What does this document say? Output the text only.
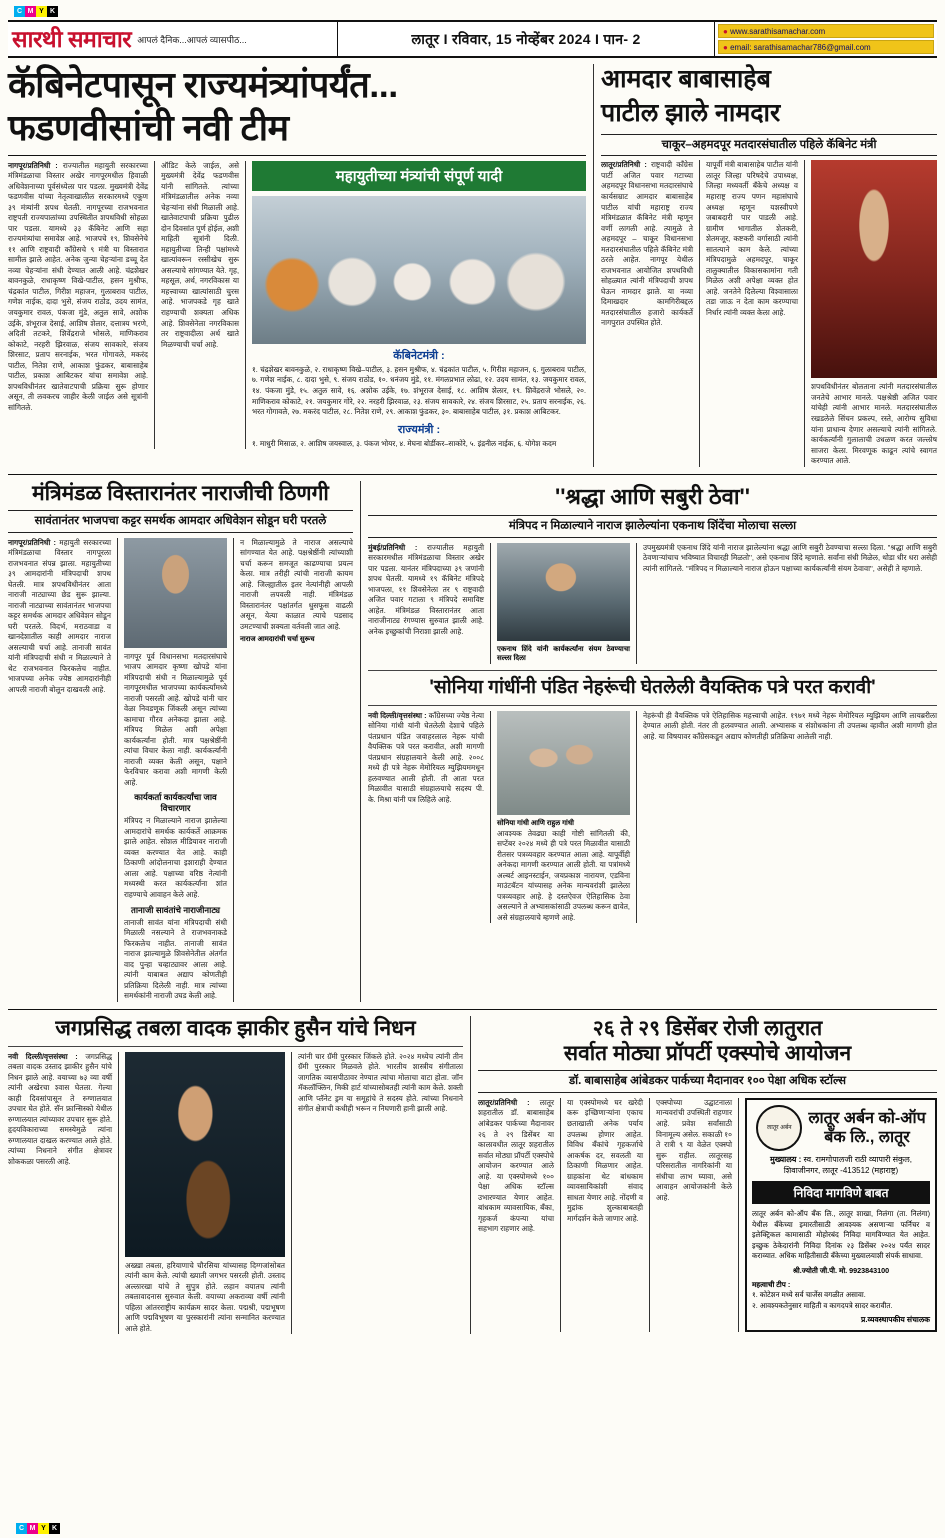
C M Y K
सारथी समाचार आपलं दैनिक...आपलं व्यासपीठ...	लातूर I रविवार, 15 नोव्हेंबर 2024 I पान- 2	● www.sarathisamachar.com
● email: sarathisamachar786@gmail.com
कॅबिनेटपासून राज्यमंत्र्यांपर्यंत...
फडणवीसांची नवी टीम
नागपूर/प्रतिनिधी : राज्यातील महायुती सरकारच्या मंत्रिमंडळाचा विस्तार अखेर नागपूरमधील हिवाळी अधिवेशनाच्या पूर्वसंध्येला पार पडला. मुख्यमंत्री देवेंद्र फडणवीस यांच्या नेतृत्वाखालील सरकारमध्ये एकूण ३९ मंत्र्यांनी शपथ घेतली. नागपूरच्या राजभवनात राष्ट्रपती राज्यपालांच्या उपस्थितीत शपथविधी सोहळा पार पडला. यामध्ये ३३ कॅबिनेट आणि सहा राज्यमंत्र्यांचा समावेश आहे. भाजपचे १९, शिवसेनेचे ११ आणि राष्ट्रवादी काँग्रेसचे ९ मंत्री या विस्तारात सामील झाले आहेत. अनेक जुन्या चेहऱ्यांना डच्चू देत नव्या चेहऱ्यांना संधी देण्यात आली आहे. चंद्रशेखर बावनकुळे, राधाकृष्ण विखे-पाटील, हसन मुश्रीफ, चंद्रकांत पाटील, गिरीश महाजन, गुलाबराव पाटील, गणेश नाईक, दादा भुसे, संजय राठोड, उदय सामंत, जयकुमार रावल, पंकजा मुंडे, अतुल सावे, अशोक उईके, शंभूराज देसाई, आशिष शेलार, दत्तात्रय भरणे, अदिती तटकरे, शिवेंद्रराजे भोसले, माणिकराव कोकाटे, नरहरी झिरवाळ, संजय सावकारे, संजय शिरसाट, प्रताप सरनाईक, भरत गोगावले, मकरंद पाटील, नितेश राणे, आकाश फुंडकर, बाबासाहेब पाटील, प्रकाश आबिटकर यांचा समावेश आहे. शपथविधीनंतर खातेवाटपाची प्रक्रिया सुरू होणार असून, ती लवकरच जाहीर केली जाईल असे सूत्रांनी सांगितले.
ऑडिट केले जाईल, असे मुख्यमंत्री देवेंद्र फडणवीस यांनी सांगितले. त्यांच्या मंत्रिमंडळातील अनेक नव्या चेहऱ्यांना संधी मिळाली आहे. खातेवाटपाची प्रक्रिया पुढील दोन दिवसांत पूर्ण होईल, अशी माहिती सूत्रांनी दिली. महायुतीच्या तिन्ही पक्षांमध्ये खात्यांवरून रस्सीखेच सुरू असल्याचे सांगण्यात येते. गृह, महसूल, अर्थ, नगरविकास या महत्त्वाच्या खात्यांसाठी चुरस आहे. भाजपकडे गृह खाते राहण्याची शक्यता अधिक आहे. शिवसेनेला नगरविकास तर राष्ट्रवादीला अर्थ खाते मिळण्याची चर्चा आहे.
महायुतीच्या मंत्र्यांची संपूर्ण यादी
कॅबिनेटमंत्री :
१. चंद्रशेखर बावनकुळे, २. राधाकृष्ण विखे–पाटील, ३. हसन मुश्रीफ, ४. चंद्रकांत पाटील, ५. गिरीश महाजन, ६. गुलाबराव पाटील, ७. गणेश नाईक, ८. दादा भुसे, ९. संजय राठोड, १०. धनंजय मुंडे, ११. मंगलप्रभात लोढा, १२. उदय सामंत, १३. जयकुमार रावल, १४. पंकजा मुंडे, १५. अतुल सावे, १६. अशोक उईके, १७. शंभूराज देसाई, १८. आशिष शेलार, १९. शिवेंद्रराजे भोसले, २०. माणिकराव कोकाटे, २१. जयकुमार गोरे, २२. नरहरी झिरवाळ, २३. संजय सावकारे, २४. संजय शिरसाट, २५. प्रताप सरनाईक, २६. भरत गोगावले, २७. मकरंद पाटील, २८. नितेश राणे, २९. आकाश फुंडकर, ३०. बाबासाहेब पाटील, ३१. प्रकाश आबिटकर.
राज्यमंत्री :
१. माधुरी मिसाळ, २. आशिष जयस्वाल, ३. पंकज भोयर, ४. मेघना बोर्डीकर–साकोरे, ५. इंद्रनील नाईक, ६. योगेश कदम
आमदार बाबासाहेब
पाटील झाले नामदार
चाकूर–अहमदपूर मतदारसंघातील पहिले कॅबिनेट मंत्री
लातूर/प्रतिनिधी : राष्ट्रवादी काँग्रेस पार्टी अजित पवार गटाच्या अहमदपूर विधानसभा मतदारसंघाचे कार्यसम्राट आमदार बाबासाहेब पाटील यांची महाराष्ट्र राज्य मंत्रिमंडळात कॅबिनेट मंत्री म्हणून वर्णी लागली आहे. त्यामुळे ते अहमदपूर – चाकूर विधानसभा मतदारसंघातील पहिले कॅबिनेट मंत्री ठरले आहेत. नागपूर येथील राजभवनात आयोजित शपथविधी सोहळ्यात त्यांनी मंत्रिपदाची शपथ घेऊन नामदार झाले. या नव्या दिमाखदार कामगिरीबद्दल मतदारसंघातील हजारो कार्यकर्ते नागपुरात उपस्थित होते.
यापूर्वी मंत्री बाबासाहेब पाटील यांनी लातूर जिल्हा परिषदेचे उपाध्यक्ष, जिल्हा मध्यवर्ती बँकेचे अध्यक्ष व महाराष्ट्र राज्य पणन महासंघाचे अध्यक्ष म्हणून यशस्वीपणे जबाबदारी पार पाडली आहे. ग्रामीण भागातील शेतकरी, शेतमजूर, कष्टकरी वर्गासाठी त्यांनी सातत्याने काम केले. त्यांच्या मंत्रिपदामुळे अहमदपूर, चाकूर तालुक्यातील विकासकामांना गती मिळेल अशी अपेक्षा व्यक्त होत आहे. जनतेने दिलेल्या विश्वासाला तडा जाऊ न देता काम करण्याचा निर्धार त्यांनी व्यक्त केला आहे.
शपथविधीनंतर बोलताना त्यांनी मतदारसंघातील जनतेचे आभार मानले. पक्षश्रेष्ठी अजित पवार यांचेही त्यांनी आभार मानले. मतदारसंघातील रखडलेले सिंचन प्रकल्प, रस्ते, आरोग्य सुविधा यांना प्राधान्य देणार असल्याचे त्यांनी सांगितले. कार्यकर्त्यांनी गुलालाची उधळण करत जल्लोष साजरा केला. मिरवणूक काढून त्यांचे स्वागत करण्यात आले.
मंत्रिमंडळ विस्तारानंतर नाराजीची ठिणगी
सावंतानंतर भाजपचा कट्टर समर्थक आमदार अधिवेशन सोडून घरी परतले
नागपूर/प्रतिनिधी : महायुती सरकारच्या मंत्रिमंडळाचा विस्तार नागपूरला राजभवनात संपन्न झाला. महायुतीच्या ३९ आमदारांनी मंत्रिपदाची शपथ घेतली. मात्र शपथविधीनंतर आता नाराजी नाट्याच्या छेड सुरू झाल्या. नाराजी नाट्याच्या सावंतानंतर भाजपचा कट्टर समर्थक आमदार अधिवेशन सोडून घरी परतले. विदर्भ, मराठवाडा व खानदेशातील काही आमदार नाराज असल्याची चर्चा आहे. तानाजी सावंत यांनी मंत्रिपदाची संधी न मिळाल्याने ते थेट राजभवनात फिरकलेच नाहीत. भाजपच्या अनेक ज्येष्ठ आमदारांनीही आपली नाराजी बोलून दाखवली आहे.
नागपूर पूर्व विधानसभा मतदारसंघाचे भाजप आमदार कृष्णा खोपडे यांना मंत्रिपदाची संधी न मिळाल्यामुळे पूर्व नागपूरमधील भाजपच्या कार्यकर्त्यांमध्ये नाराजी पसरली आहे. खोपडे यांनी चार वेळा निवडणूक जिंकली असून त्यांच्या कामाचा गौरव अनेकदा झाला आहे. मंत्रिपद मिळेल अशी अपेक्षा कार्यकर्त्यांना होती. मात्र पक्षश्रेष्ठींनी त्यांचा विचार केला नाही. कार्यकर्त्यांनी नाराजी व्यक्त केली असून, पक्षाने फेरविचार करावा अशी मागणी केली आहे.
कार्यकर्ता कार्यकर्त्यांचा जाव विचारणार
मंत्रिपद न मिळाल्याने नाराज झालेल्या आमदारांचे समर्थक कार्यकर्ते आक्रमक झाले आहेत. सोशल मीडियावर नाराजी व्यक्त करण्यात येत आहे. काही ठिकाणी आंदोलनाचा इशाराही देण्यात आला आहे. पक्षाच्या वरिष्ठ नेत्यांनी मध्यस्थी करत कार्यकर्त्यांना शांत राहण्याचे आवाहन केले आहे.
तानाजी सावंतांचे नाराजीनाट्य
तानाजी सावंत यांना मंत्रिपदाची संधी मिळाली नसल्याने ते राजभवनाकडे फिरकलेच नाहीत. तानाजी सावंत नाराज झाल्यामुळे शिवसेनेतील अंतर्गत वाद पुन्हा चव्हाट्यावर आला आहे. त्यांनी याबाबत अद्याप कोणतीही प्रतिक्रिया दिलेली नाही. मात्र त्यांच्या समर्थकांनी नाराजी उघड केली आहे.
न मिळाल्यामुळे ते नाराज असल्याचे सांगण्यात येत आहे. पक्षश्रेष्ठींनी त्यांच्याशी चर्चा करून समजूत काढण्याचा प्रयत्न केला. मात्र तरीही त्यांची नाराजी कायम आहे. जिल्ह्यातील इतर नेत्यांनीही आपली नाराजी लपवली नाही. मंत्रिमंडळ विस्तारानंतर पक्षांतर्गत धुसफूस वाढली असून, येत्या काळात त्याचे पडसाद उमटण्याची शक्यता वर्तवली जात आहे.
नाराज आमदारांची चर्चा सुरूच
''श्रद्धा आणि सबुरी ठेवा''
मंत्रिपद न मिळाल्याने नाराज झालेल्यांना एकनाथ शिंदेंचा मोलाचा सल्ला
मुंबई/प्रतिनिधी : राज्यातील महायुती सरकारमधील मंत्रिमंडळाचा विस्तार अखेर पार पडला. यानंतर मंत्रिपदाच्या ३९ जणांनी शपथ घेतली. यामध्ये १९ कॅबिनेट मंत्रिपदे भाजपला, ११ शिवसेनेला तर ९ राष्ट्रवादी अजित पवार गटाला ९ मंत्रिपदे समाविष्ट आहेत. मंत्रिमंडळ विस्तारानंतर आता नाराजीनाट्य रंगण्यास सुरुवात झाली आहे. अनेक इच्छुकांची निराशा झाली आहे.
एकनाथ शिंदे यांनी कार्यकर्त्यांना संयम ठेवण्याचा सल्ला दिला
उपमुख्यमंत्री एकनाथ शिंदे यांनी नाराज झालेल्यांना श्रद्धा आणि सबुरी ठेवण्याचा सल्ला दिला. ''श्रद्धा आणि सबुरी ठेवणाऱ्यांचाच भविष्यात विचारही मिळतो'', असे एकनाथ शिंदे म्हणाले. सर्वांना संधी मिळेल, थोडा धीर धरा असेही त्यांनी सांगितले. ''मंत्रिपद न मिळाल्याने नाराज होऊन पक्षाच्या कार्यकर्त्यांनी संयम ठेवावा'', असेही ते म्हणाले.
'सोनिया गांधींनी पंडित नेहरूंची घेतलेली वैयक्तिक पत्रे परत करावी'
नवी दिल्ली/वृत्तसंस्था : काँग्रेसच्या ज्येष्ठ नेत्या सोनिया गांधी यांनी घेतलेली देशाचे पहिले पंतप्रधान पंडित जवाहरलाल नेहरू यांची वैयक्तिक पत्रे परत करावीत, अशी मागणी पंतप्रधान संग्रहालयाने केली आहे. २००८ मध्ये ही पत्रे नेहरू मेमोरियल म्युझियममधून हलवण्यात आली होती. ती आता परत मिळावीत यासाठी संग्रहालयाचे सदस्य पी. के. मिश्रा यांनी पत्र लिहिले आहे.
सोनिया गांधी आणि राहुल गांधी
आवश्यक तेवढ्या काही गोष्टी सांगितली की, सप्टेंबर २०२४ मध्ये ही पत्रे परत मिळावीत यासाठी रीतसर पत्रव्यवहार करण्यात आला आहे. यापूर्वीही अनेकदा मागणी करण्यात आली होती. या पत्रांमध्ये अल्बर्ट आइनस्टाईन, जयप्रकाश नारायण, एडविना माउंटबॅटन यांच्यासह अनेक मान्यवरांशी झालेला पत्रव्यवहार आहे. हे दस्तऐवज ऐतिहासिक ठेवा असल्याने ते अभ्यासकांसाठी उपलब्ध करून द्यावेत, असे संग्रहालयाचे म्हणणे आहे.
नेहरूंची ही वैयक्तिक पत्रे ऐतिहासिक महत्त्वाची आहेत. १९७१ मध्ये नेहरू मेमोरियल म्युझियम आणि लायब्ररीला देण्यात आली होती. नंतर ती हलवण्यात आली. अभ्यासक व संशोधकांना ती उपलब्ध व्हावीत अशी मागणी होत आहे. या विषयावर काँग्रेसकडून अद्याप कोणतीही प्रतिक्रिया आलेली नाही.
जगप्रसिद्ध तबला वादक झाकीर हुसैन यांचे निधन
नवी दिल्ली/वृत्तसंस्था : जगप्रसिद्ध तबला वादक उस्ताद झाकीर हुसैन यांचे निधन झाले आहे. वयाच्या ७३ व्या वर्षी त्यांनी अखेरचा श्वास घेतला. गेल्या काही दिवसांपासून ते रुग्णालयात उपचार घेत होते. सॅन फ्रान्सिस्को येथील रुग्णालयात त्यांच्यावर उपचार सुरू होते. हृदयविकाराच्या समस्येमुळे त्यांना रुग्णालयात दाखल करण्यात आले होते. त्यांच्या निधनाने संगीत क्षेत्रावर शोककळा पसरली आहे.
अख्खा तबला, हरियाणाचे चौरसिया यांच्यासह दिग्गजांसोबत त्यांनी काम केले. त्यांची ख्याती जगभर पसरली होती. उस्ताद अल्लारखा यांचे ते सुपुत्र होते. लहान वयातच त्यांनी तबलावादनास सुरुवात केली. वयाच्या अकराव्या वर्षी त्यांनी पहिला आंतरराष्ट्रीय कार्यक्रम सादर केला. पद्मश्री, पद्मभूषण आणि पद्मविभूषण या पुरस्कारांनी त्यांना सन्मानित करण्यात आले होते.
त्यांनी चार ग्रॅमी पुरस्कार जिंकले होते. २०२४ मध्येच त्यांनी तीन ग्रॅमी पुरस्कार मिळवले होते. भारतीय शास्त्रीय संगीताला जागतिक व्यासपीठावर नेण्यात त्यांचा मोलाचा वाटा होता. जॉन मॅकलॉफ्लिन, मिकी हार्ट यांच्यासोबतही त्यांनी काम केले. शक्ती आणि प्लॅनेट ड्रम या समूहांचे ते सदस्य होते. त्यांच्या निधनाने संगीत क्षेत्राची कधीही भरून न निघणारी हानी झाली आहे.
२६ ते २९ डिसेंबर रोजी लातुरात
सर्वात मोठ्या प्रॉपर्टी एक्स्पोचे आयोजन
डॉ. बाबासाहेब आंबेडकर पार्कच्या मैदानावर १०० पेक्षा अधिक स्टॉल्स
लातूर/प्रतिनिधी : लातूर शहरातील डॉ. बाबासाहेब आंबेडकर पार्कच्या मैदानावर २६ ते २९ डिसेंबर या कालावधीत लातूर शहरातील सर्वात मोठ्या प्रॉपर्टी एक्स्पोचे आयोजन करण्यात आले आहे. या एक्स्पोमध्ये १०० पेक्षा अधिक स्टॉल्स उभारण्यात येणार आहेत. बांधकाम व्यावसायिक, बँका, गृहकर्ज कंपन्या यांचा सहभाग राहणार आहे.
या एक्स्पोमध्ये घर खरेदी करू इच्छिणाऱ्यांना एकाच छताखाली अनेक पर्याय उपलब्ध होणार आहेत. विविध बँकांचे गृहकर्जाचे आकर्षक दर, सवलती या ठिकाणी मिळणार आहेत. ग्राहकांना थेट बांधकाम व्यावसायिकांशी संवाद साधता येणार आहे. नोंदणी व मुद्रांक शुल्काबाबतही मार्गदर्शन केले जाणार आहे.
एक्स्पोच्या उद्घाटनाला मान्यवरांची उपस्थिती राहणार आहे. प्रवेश सर्वांसाठी विनामूल्य असेल. सकाळी १० ते रात्री ९ या वेळेत एक्स्पो सुरू राहील. लातूरसह परिसरातील नागरिकांनी या संधीचा लाभ घ्यावा, असे आवाहन आयोजकांनी केले आहे.
लातूर अर्बन
लातूर अर्बन को-ऑप
बँक लि., लातूर
मुख्यालय : स्व. रामगोपालजी राठी व्यापारी संकुल, शिवाजीनगर, लातूर -413512 (महाराष्ट्र)
निविदा मागविणे बाबत
लातूर अर्बन को-ऑप बँक लि., लातूर शाखा, निलंगा (ता. निलंगा) येथील बँकेच्या इमारतीसाठी आवश्यक असणाऱ्या फर्निचर व इलेक्ट्रिकल कामासाठी मोहोरबंद निविदा मागविण्यात येत आहेत. इच्छुक ठेकेदारांनी निविदा दिनांक २३ डिसेंबर २०२४ पर्यंत सादर कराव्यात. अधिक माहितीसाठी बँकेच्या मुख्यालयाशी संपर्क साधावा.
श्री.ज्योती जी.पी. मो. 9923843100
महत्वाची टीप :
१. कोटेशन मध्ये सर्व चार्जेस वगळीत असावा.
२. आवश्यकतेनुसार माहिती व कागदपत्रे सादर करावीत.
प्र.व्यवस्थापकीय संचालक
C M Y K
